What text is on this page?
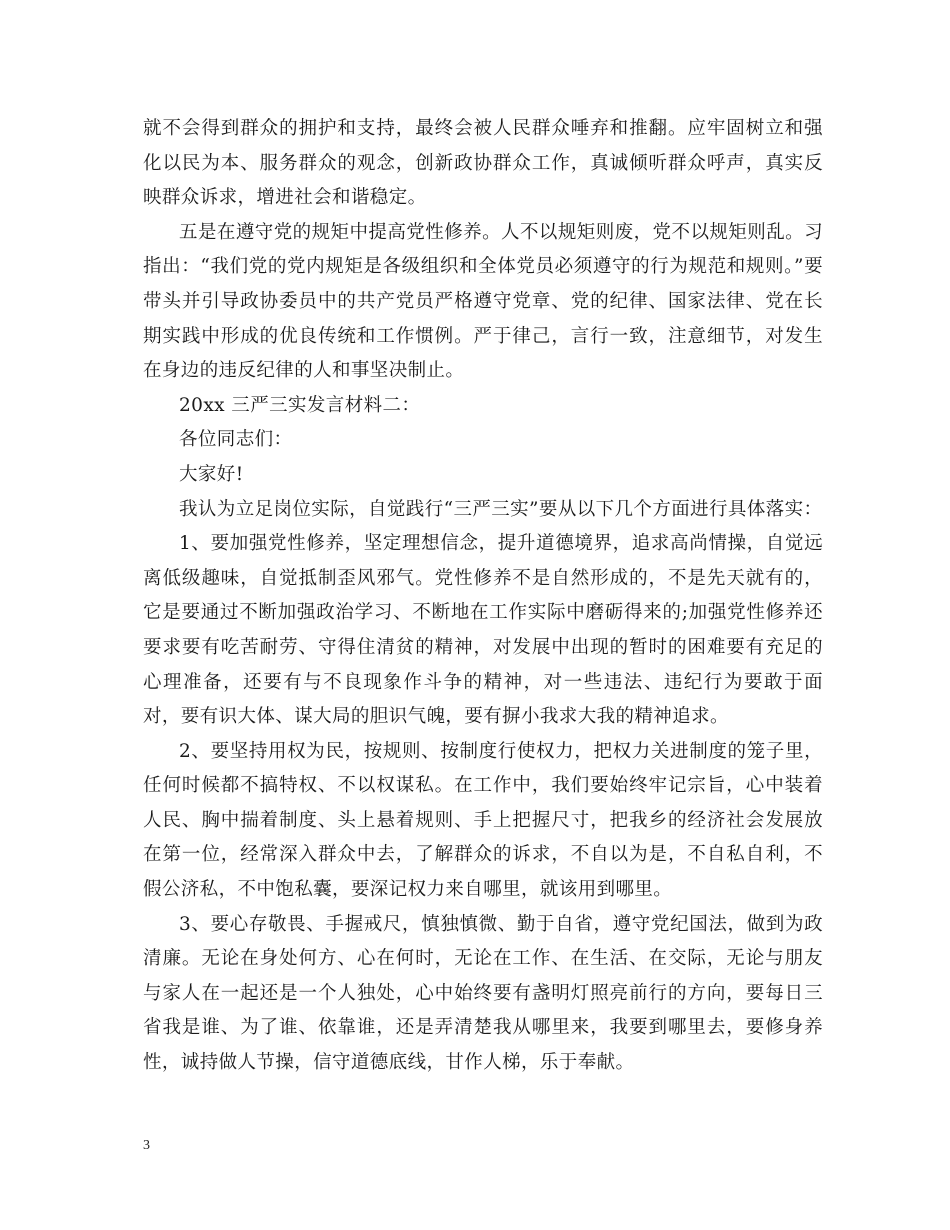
就不会得到群众的拥护和支持，最终会被人民群众唾弃和推翻。应牢固树立和强化以民为本、服务群众的观念，创新政协群众工作，真诚倾听群众呼声，真实反映群众诉求，增进社会和谐稳定。

五是在遵守党的规矩中提高党性修养。人不以规矩则废，党不以规矩则乱。习指出：“我们党的党内规矩是各级组织和全体党员必须遵守的行为规范和规则。”要带头并引导政协委员中的共产党员严格遵守党章、党的纪律、国家法律、党在长期实践中形成的优良传统和工作惯例。严于律己，言行一致，注意细节，对发生在身边的违反纪律的人和事坚决制止。

20xx 三严三实发言材料二：

各位同志们：

大家好!

我认为立足岗位实际，自觉践行“三严三实”要从以下几个方面进行具体落实：

1、要加强党性修养，坚定理想信念，提升道德境界，追求高尚情操，自觉远离低级趣味，自觉抵制歪风邪气。党性修养不是自然形成的，不是先天就有的，它是要通过不断加强政治学习、不断地在工作实际中磨砺得来的;加强党性修养还要求要有吃苦耐劳、守得住清贫的精神，对发展中出现的暂时的困难要有充足的心理准备，还要有与不良现象作斗争的精神，对一些违法、违纪行为要敢于面对，要有识大体、谋大局的胆识气魄，要有摒小我求大我的精神追求。

2、要坚持用权为民，按规则、按制度行使权力，把权力关进制度的笼子里，任何时候都不搞特权、不以权谋私。在工作中，我们要始终牢记宗旨，心中装着人民、胸中揣着制度、头上悬着规则、手上把握尺寸，把我乡的经济社会发展放在第一位，经常深入群众中去，了解群众的诉求，不自以为是，不自私自利，不假公济私，不中饱私囊，要深记权力来自哪里，就该用到哪里。

3、要心存敬畏、手握戒尺，慎独慎微、勤于自省，遵守党纪国法，做到为政清廉。无论在身处何方、心在何时，无论在工作、在生活、在交际，无论与朋友与家人在一起还是一个人独处，心中始终要有盏明灯照亮前行的方向，要每日三省我是谁、为了谁、依靠谁，还是弄清楚我从哪里来，我要到哪里去，要修身养性，诚持做人节操，信守道德底线，甘作人梯，乐于奉献。

3
